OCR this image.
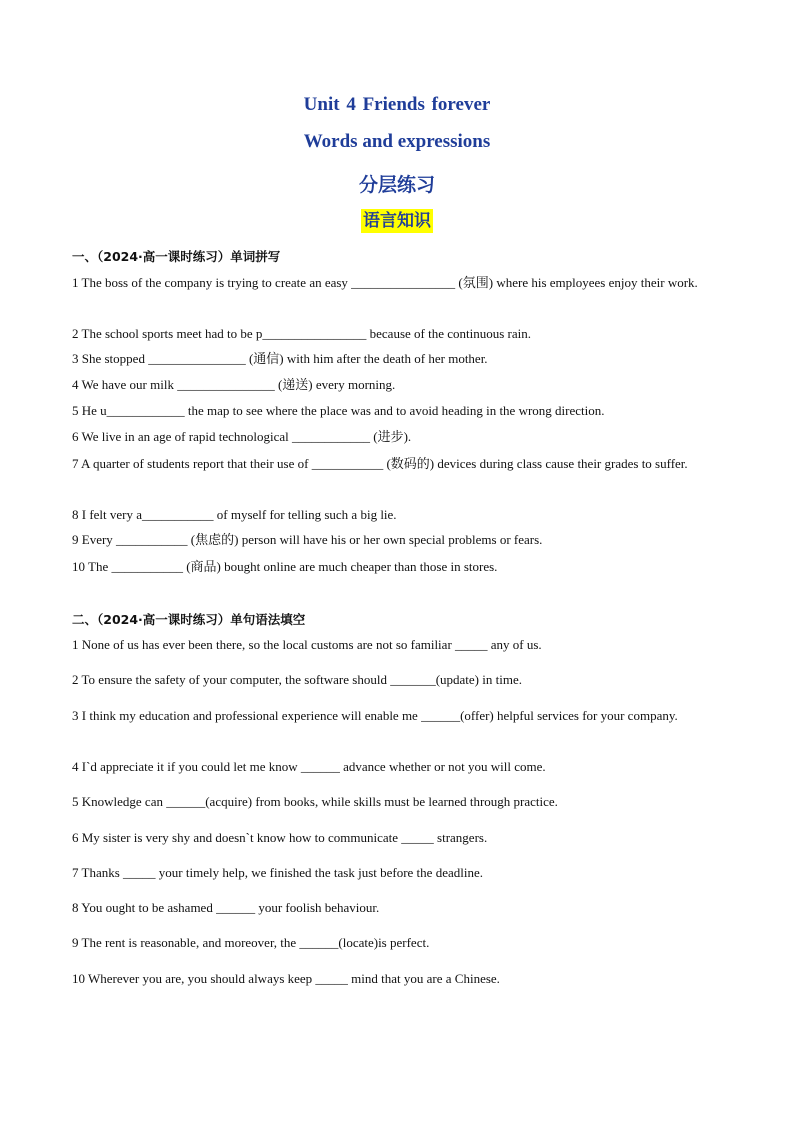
Unit 4 Friends forever
Words and expressions
分层练习
语言知识
一、（2024·高一课时练习）单词拼写
1 The boss of the company is trying to create an easy ________________ (氛围) where his employees enjoy their work.
2 The school sports meet had to be p________________ because of the continuous rain.
3 She stopped _______________ (通信) with him after the death of her mother.
4 We have our milk _______________ (递送) every morning.
5 He u____________ the map to see where the place was and to avoid heading in the wrong direction.
6 We live in an age of rapid technological ____________ (进步).
7 A quarter of students report that their use of ___________ (数码的) devices during class cause their grades to suffer.
8 I felt very a___________ of myself for telling such a big lie.
9 Every ___________ (焦虑的) person will have his or her own special problems or fears.
10 The ___________ (商品) bought online are much cheaper than those in stores.
二、（2024·高一课时练习）单句语法填空
1 None of us has ever been there, so the local customs are not so familiar _____ any of us.
2 To ensure the safety of your computer, the software should _______(update) in time.
3 I think my education and professional experience will enable me ______(offer) helpful services for your company.
4 I`d appreciate it if you could let me know ______ advance whether or not you will come.
5 Knowledge can ______(acquire) from books, while skills must be learned through practice.
6 My sister is very shy and doesn`t know how to communicate _____ strangers.
7 Thanks _____ your timely help, we finished the task just before the deadline.
8 You ought to be ashamed ______ your foolish behaviour.
9 The rent is reasonable, and moreover, the ______(locate)is perfect.
10 Wherever you are, you should always keep _____ mind that you are a Chinese.
